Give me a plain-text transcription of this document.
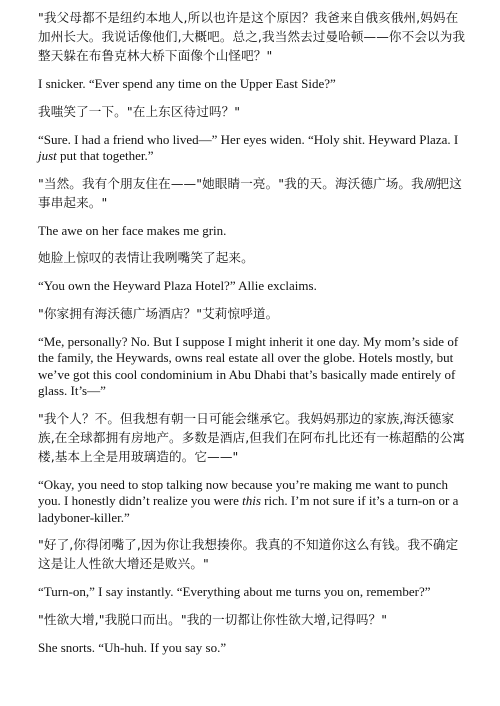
"我父母都不是纽约本地人,所以也许是这个原因？我爸来自俄亥俄州,妈妈在加州长大。我说话像他们,大概吧。总之,我当然去过曼哈顿——你不会以为我整天躲在布鲁克林大桥下面像个山怪吧？"

I snicker. “Ever spend any time on the Upper East Side?”

我嗤笑了一下。"在上东区待过吗？"

“Sure. I had a friend who lived—” Her eyes widen. “Holy shit. Heyward Plaza. I just put that together.”

"当然。我有个朋友住在——"她眼睛一亮。"我的天。海沃德广场。我刚把这事串起来。"

The awe on her face makes me grin.

她脸上惊叹的表情让我咧嘴笑了起来。

“You own the Heyward Plaza Hotel?” Allie exclaims.

"你家拥有海沃德广场酒店？"艾莉惊呼道。

“Me, personally? No. But I suppose I might inherit it one day. My mom’s side of the family, the Heywards, owns real estate all over the globe. Hotels mostly, but we’ve got this cool condominium in Abu Dhabi that’s basically made entirely of glass. It’s—”

"我个人？不。但我想有朝一日可能会继承它。我妈妈那边的家族,海沃德家族,在全球都拥有房地产。多数是酒店,但我们在阿布扎比还有一栋超酷的公寓楼,基本上全是用玻璃造的。它——"

“Okay, you need to stop talking now because you’re making me want to punch you. I honestly didn’t realize you were this rich. I’m not sure if it’s a turn-on or a ladyboner-killer.”

"好了,你得闭嘴了,因为你让我想揍你。我真的不知道你这么有钱。我不确定这是让人性欲大增还是败兴。"

“Turn-on,” I say instantly. “Everything about me turns you on, remember?”

"性欲大增,"我脱口而出。"我的一切都让你性欲大增,记得吗？"

She snorts. “Uh-huh. If you say so.”
